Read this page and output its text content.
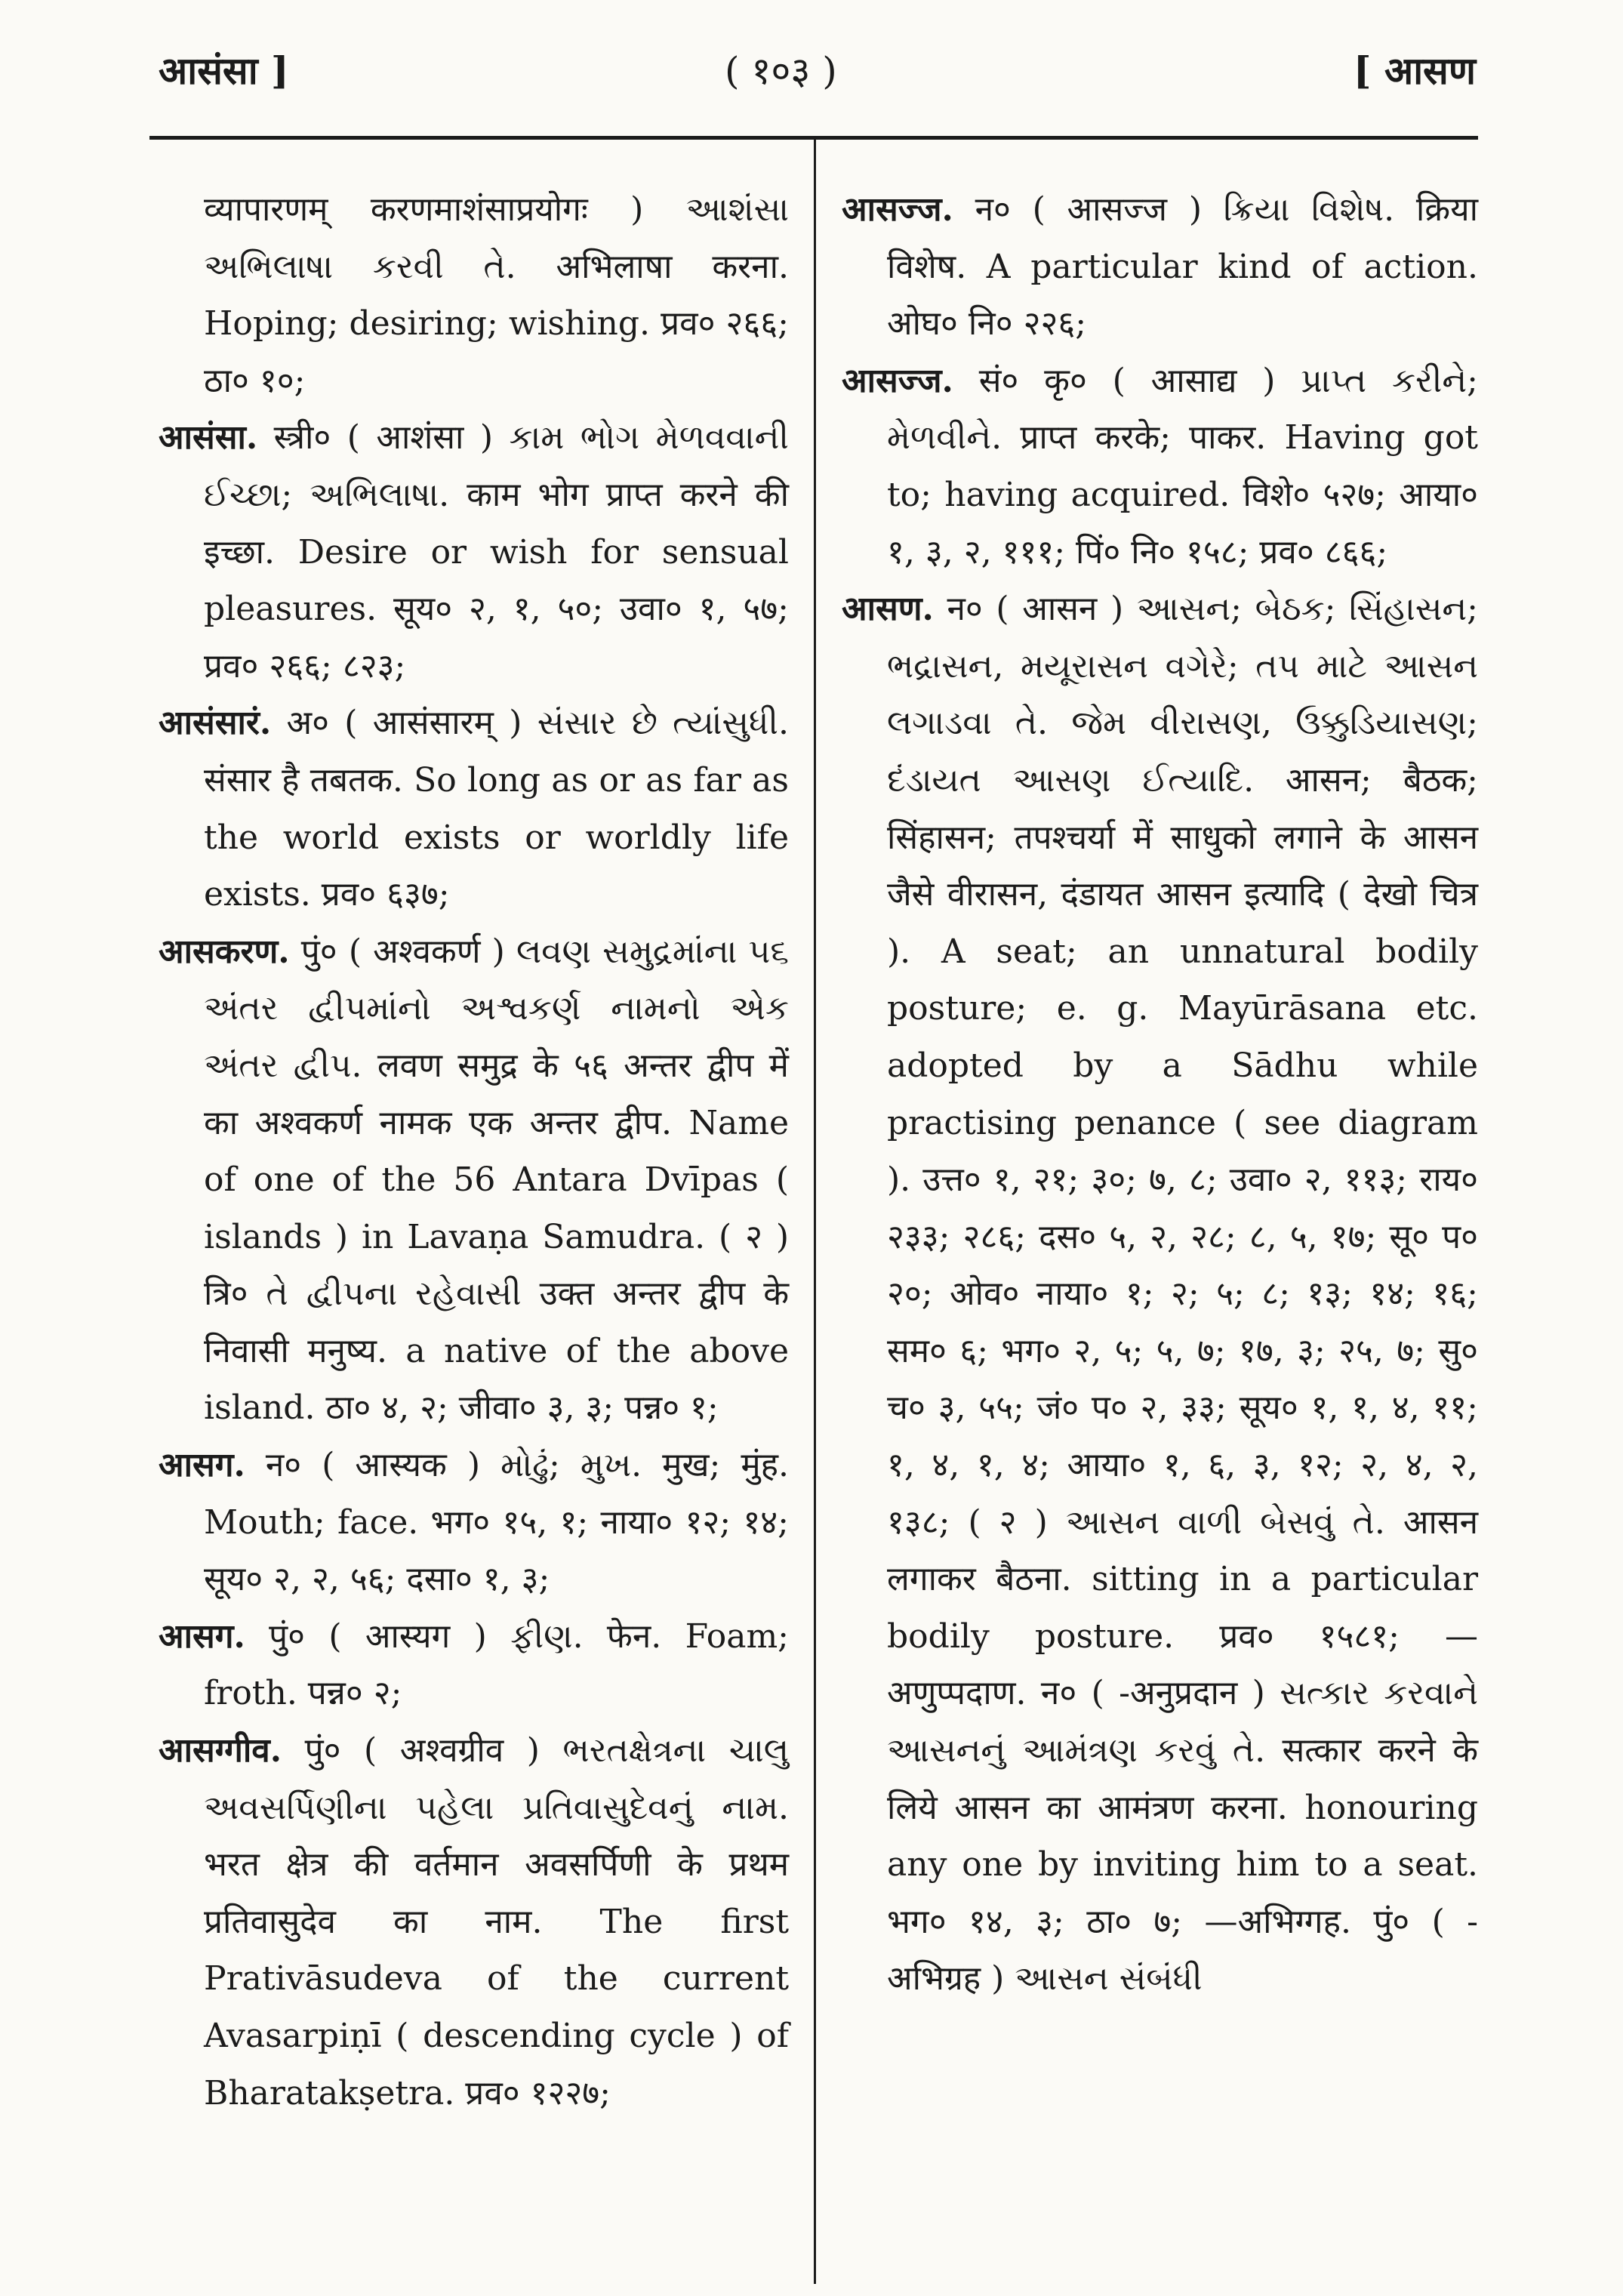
आसंसा ]	( १०३ )	[ आसण

व्यापारणम् करणमाशंसाप्रयोगः ) આશંસા અભિલાષા કરવી તે. अभिलाषा करना. Hoping; desiring; wishing. प्रव० २६६; ठा० १०;

आसंसा. स्त्री० ( आशंसा ) કામ ભોગ મેળવવાની ઈચ્છા; અભિલાષા. काम भोग प्राप्त करने की इच्छा. Desire or wish for sensual pleasures. सूय० २, १, ५०; उवा० १, ५७; प्रव० २६६; ८२३;

आसंसारं. अ० ( आसंसारम् ) સંસાર છે ત્યાંસુધી. संसार है तबतक. So long as or as far as the world exists or worldly life exists. प्रव० ६३७;

आसकरण. पुं० ( अश्वकर्ण ) લવણ સમુદ્રમાંના ૫૬ અંતર દ્વીપમાંનો અશ્વકર્ણ નામનો એક અંતર દ્વીપ. लवण समुद्र के ५६ अन्तर द्वीप में का अश्वकर्ण नामक एक अन्तर द्वीप. Name of one of the 56 Antara Dvīpas ( islands ) in Lavaṇa Samudra. ( २ ) त्रि० તે દ્વીપના રહેવાસી उक्त अन्तर द्वीप के निवासी मनुष्य. a native of the above island. ठा० ४, २; जीवा० ३, ३; पन्न० १;

आसग. न० ( आस्यक ) મોઢું; મુખ. मुख; मुंह. Mouth; face. भग० १५, १; नाया० १२; १४; सूय० २, २, ५६; दसा० १, ३;

आसग. पुं० ( आस्यग ) ફીણ. फेन. Foam; froth. पन्न० २;

आसग्गीव. पुं० ( अश्वग्रीव ) ભરતક્ષેત્રના ચાલુ અવસર્પિણીના પહેલા પ્રતિવાસુદેવનું નામ. भरत क्षेत्र की वर्तमान अवसर्पिणी के प्रथम प्रतिवासुदेव का नाम. The first Prativāsudeva of the current Avasarpiṇī ( descending cycle ) of Bharatakṣetra. प्रव० १२२७;

आसज्ज. न० ( आसज्ज ) ક્રિયા વિશેષ. क्रिया विशेष. A particular kind of action. ओघ० नि० २२६;

आसज्ज. सं० कृ० ( आसाद्य ) પ્રાપ્ત કરીને; મેળવીને. प्राप्त करके; पाकर. Having got to; having acquired. विशे० ५२७; आया० १, ३, २, १११; पिं० नि० १५८; प्रव० ८६६;

आसण. न० ( आसन ) આસન; બેઠક; સિંહાસન; ભદ્રાસન, મયૂરાસન વગેરે; તપ માટે આસન લગાડવા તે. જેમ વીરાસણ, ઉક્કુડિયાસણ; દંડાયત આસણ ઈત્યાદિ. आसन; बैठक; सिंहासन; तपश्चर्या में साधुको लगाने के आसन जैसे वीरासन, दंडायत आसन इत्यादि ( देखो चित्र ). A seat; an unnatural bodily posture; e. g. Mayūrāsana etc. adopted by a Sādhu while practising penance ( see diagram ). उत्त० १, २१; ३०; ७, ८; उवा० २, ११३; राय० २३३; २८६; दस० ५, २, २८; ८, ५, १७; सू० प० २०; ओव० नाया० १; २; ५; ८; १३; १४; १६; सम० ६; भग० २, ५; ५, ७; १७, ३; २५, ७; सु० च० ३, ५५; जं० प० २, ३३; सूय० १, १, ४, ११; १, ४, १, ४; आया० १, ६, ३, १२; २, ४, २, १३८; ( २ ) આસન વાળી બેસવું તે. आसन लगाकर बैठना. sitting in a particular bodily posture. प्रव० १५८१; —अणुप्पदाण. न० ( -अनुप्रदान ) સત્કાર કરવાને આસનનું આમંત્રણ કરવું તે. सत्कार करने के लिये आसन का आमंत्रण करना. honouring any one by inviting him to a seat. भग० १४, ३; ठा० ७; —अभिग्गह. पुं० ( -अभिग्रह ) આસન સંબંધી
